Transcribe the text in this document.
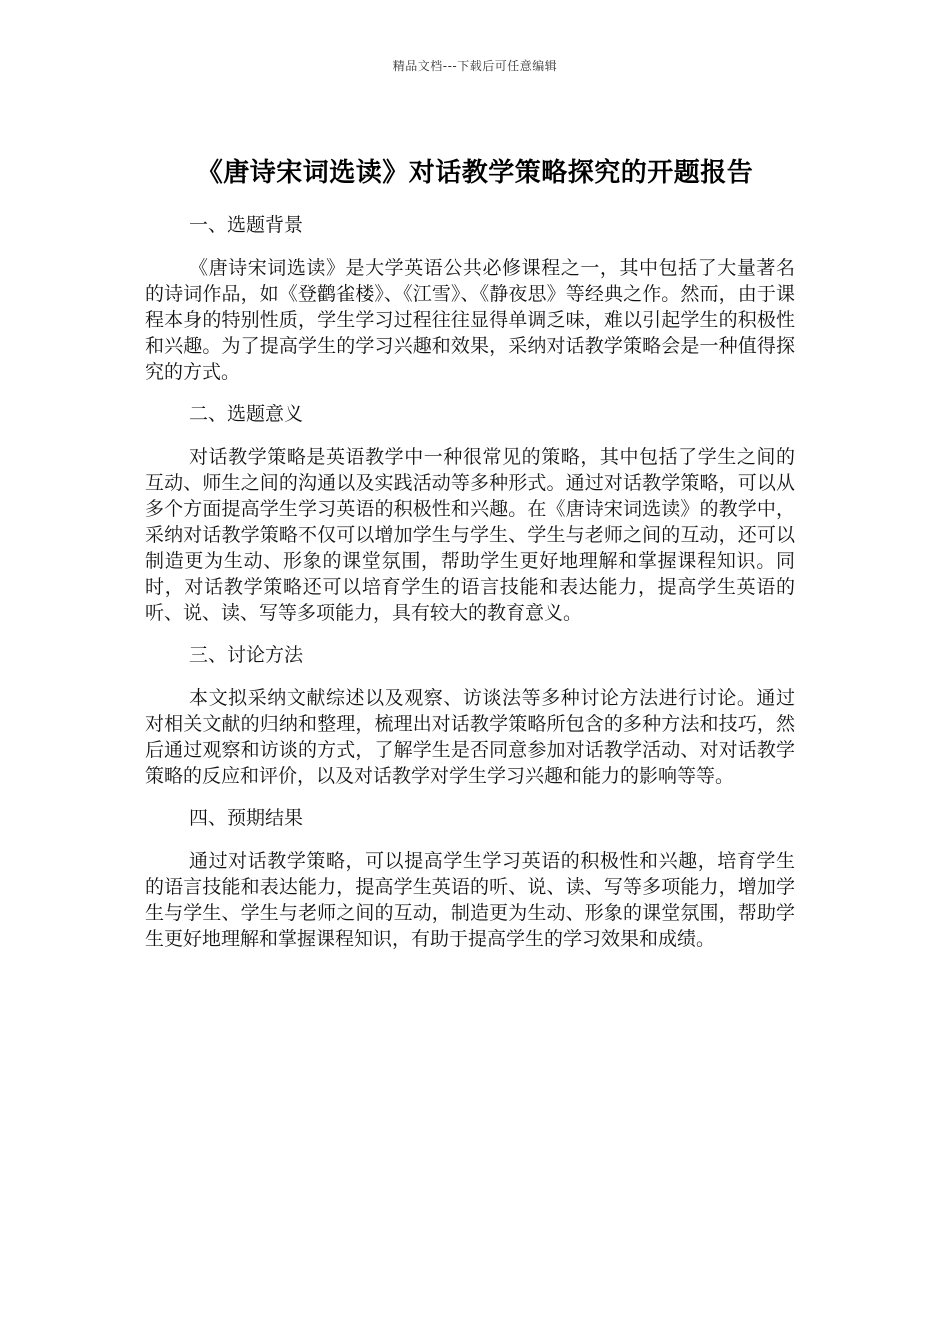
精品文档---下载后可任意编辑
《唐诗宋词选读》对话教学策略探究的开题报告
一、选题背景

《唐诗宋词选读》是大学英语公共必修课程之一，其中包括了大量著名的诗词作品，如《登鹳雀楼》、《江雪》、《静夜思》等经典之作。然而，由于课程本身的特别性质，学生学习过程往往显得单调乏味，难以引起学生的积极性和兴趣。为了提高学生的学习兴趣和效果，采纳对话教学策略会是一种值得探究的方式。

二、选题意义

对话教学策略是英语教学中一种很常见的策略，其中包括了学生之间的互动、师生之间的沟通以及实践活动等多种形式。通过对话教学策略，可以从多个方面提高学生学习英语的积极性和兴趣。在《唐诗宋词选读》的教学中，采纳对话教学策略不仅可以增加学生与学生、学生与老师之间的互动，还可以制造更为生动、形象的课堂氛围，帮助学生更好地理解和掌握课程知识。同时，对话教学策略还可以培育学生的语言技能和表达能力，提高学生英语的听、说、读、写等多项能力，具有较大的教育意义。

三、讨论方法

本文拟采纳文献综述以及观察、访谈法等多种讨论方法进行讨论。通过对相关文献的归纳和整理，梳理出对话教学策略所包含的多种方法和技巧，然后通过观察和访谈的方式，了解学生是否同意参加对话教学活动、对对话教学策略的反应和评价，以及对话教学对学生学习兴趣和能力的影响等等。

四、预期结果

通过对话教学策略，可以提高学生学习英语的积极性和兴趣，培育学生的语言技能和表达能力，提高学生英语的听、说、读、写等多项能力，增加学生与学生、学生与老师之间的互动，制造更为生动、形象的课堂氛围，帮助学生更好地理解和掌握课程知识，有助于提高学生的学习效果和成绩。
